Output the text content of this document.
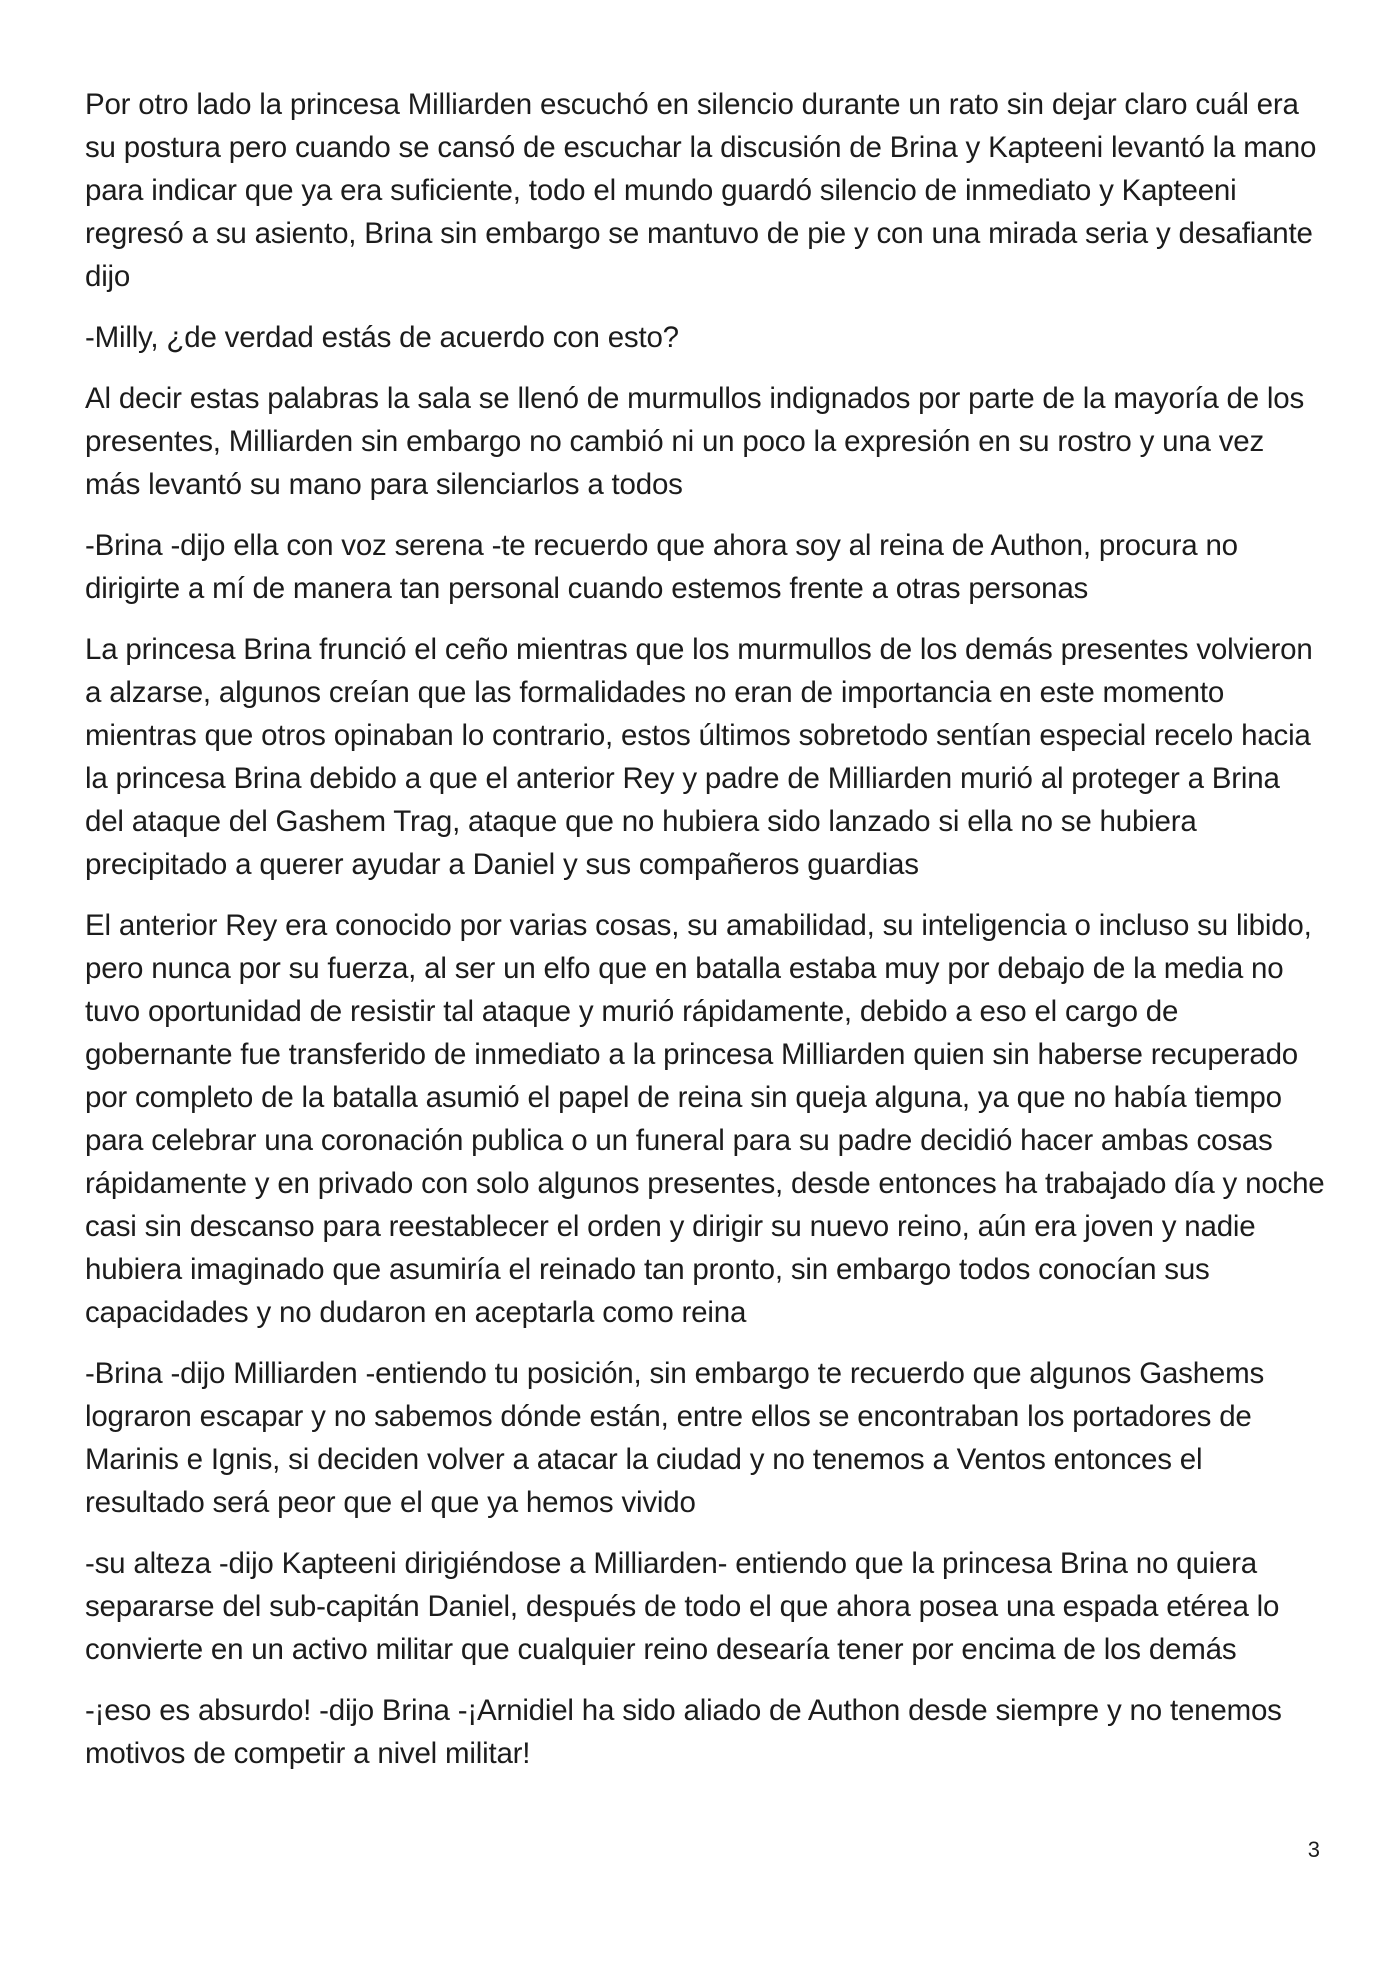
Por otro lado la princesa Milliarden escuchó en silencio durante un rato sin dejar claro cuál era su postura pero cuando se cansó de escuchar la discusión de Brina y Kapteeni levantó la mano para indicar que ya era suficiente, todo el mundo guardó silencio de inmediato y Kapteeni regresó a su asiento, Brina sin embargo se mantuvo de pie y con una mirada seria y desafiante dijo

-Milly, ¿de verdad estás de acuerdo con esto?

Al decir estas palabras la sala se llenó de murmullos indignados por parte de la mayoría de los presentes, Milliarden sin embargo no cambió ni un poco la expresión en su rostro y una vez más levantó su mano para silenciarlos a todos

-Brina -dijo ella con voz serena -te recuerdo que ahora soy al reina de Authon, procura no dirigirte a mí de manera tan personal cuando estemos frente a otras personas

La princesa Brina frunció el ceño mientras que los murmullos de los demás presentes volvieron a alzarse, algunos creían que las formalidades no eran de importancia en este momento mientras que otros opinaban lo contrario, estos últimos sobretodo sentían especial recelo hacia la princesa Brina debido a que el anterior Rey y padre de Milliarden murió al proteger a Brina del ataque del Gashem Trag, ataque que no hubiera sido lanzado si ella no se hubiera precipitado a querer ayudar a Daniel y sus compañeros guardias

El anterior Rey era conocido por varias cosas, su amabilidad, su inteligencia o incluso su libido, pero nunca por su fuerza, al ser un elfo que en batalla estaba muy por debajo de la media no tuvo oportunidad de resistir tal ataque y murió rápidamente, debido a eso el cargo de gobernante fue transferido de inmediato a la princesa Milliarden quien sin haberse recuperado por completo de la batalla asumió el papel de reina sin queja alguna, ya que no había tiempo para celebrar una coronación publica o un funeral para su padre decidió hacer ambas cosas rápidamente y en privado con solo algunos presentes, desde entonces ha trabajado día y noche casi sin descanso para reestablecer el orden y dirigir su nuevo reino, aún era joven y nadie hubiera imaginado que asumiría el reinado tan pronto, sin embargo todos conocían sus capacidades y no dudaron en aceptarla como reina

-Brina -dijo Milliarden -entiendo tu posición, sin embargo te recuerdo que algunos Gashems lograron escapar y no sabemos dónde están, entre ellos se encontraban los portadores de Marinis e Ignis, si deciden volver a atacar la ciudad y no tenemos a Ventos entonces el resultado será peor que el que ya hemos vivido

-su alteza -dijo Kapteeni dirigiéndose a Milliarden- entiendo que la princesa Brina no quiera separarse del sub-capitán Daniel, después de todo el que ahora posea una espada etérea lo convierte en un activo militar que cualquier reino desearía tener por encima de los demás

-¡eso es absurdo! -dijo Brina -¡Arnidiel ha sido aliado de Authon desde siempre y no tenemos motivos de competir a nivel militar!

3
